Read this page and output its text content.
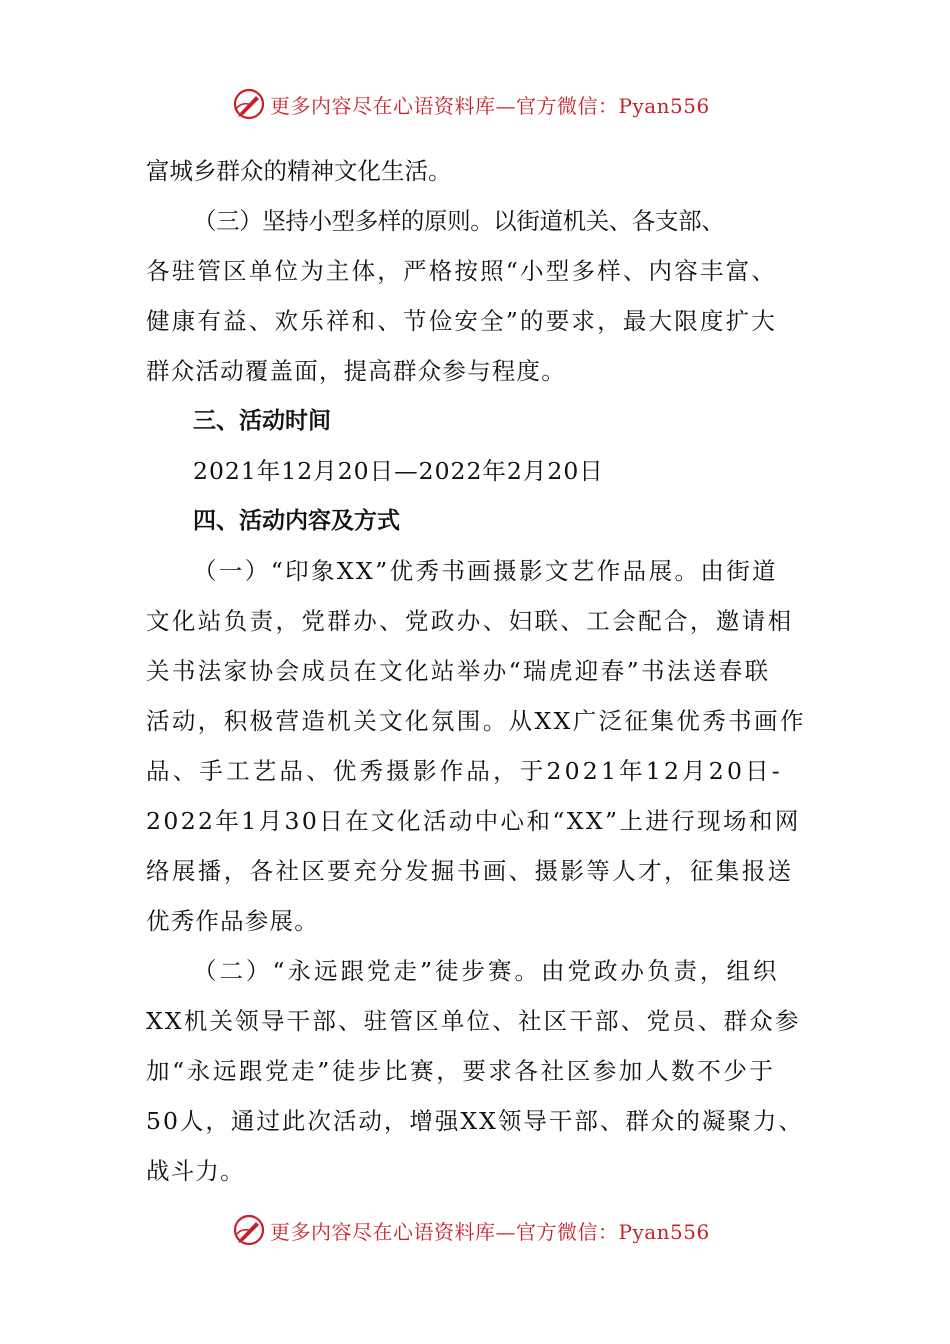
更多内容尽在心语资料库—官方微信：Pyan556
富城乡群众的精神文化生活。
（三）坚持小型多样的原则。以街道机关、各支部、
各驻管区单位为主体，严格按照“小型多样、内容丰富、
健康有益、欢乐祥和、节俭安全”的要求，最大限度扩大
群众活动覆盖面，提高群众参与程度。
三、活动时间
2021年12月20日—2022年2月20日
四、活动内容及方式
（一）“印象XX”优秀书画摄影文艺作品展。由街道
文化站负责，党群办、党政办、妇联、工会配合，邀请相
关书法家协会成员在文化站举办“瑞虎迎春”书法送春联
活动，积极营造机关文化氛围。从XX广泛征集优秀书画作
品、手工艺品、优秀摄影作品，于2021年12月20日-
2022年1月30日在文化活动中心和“XX”上进行现场和网
络展播，各社区要充分发掘书画、摄影等人才，征集报送
优秀作品参展。
（二）“永远跟党走”徒步赛。由党政办负责，组织
XX机关领导干部、驻管区单位、社区干部、党员、群众参
加“永远跟党走”徒步比赛，要求各社区参加人数不少于
50人，通过此次活动，增强XX领导干部、群众的凝聚力、
战斗力。
更多内容尽在心语资料库—官方微信：Pyan556
